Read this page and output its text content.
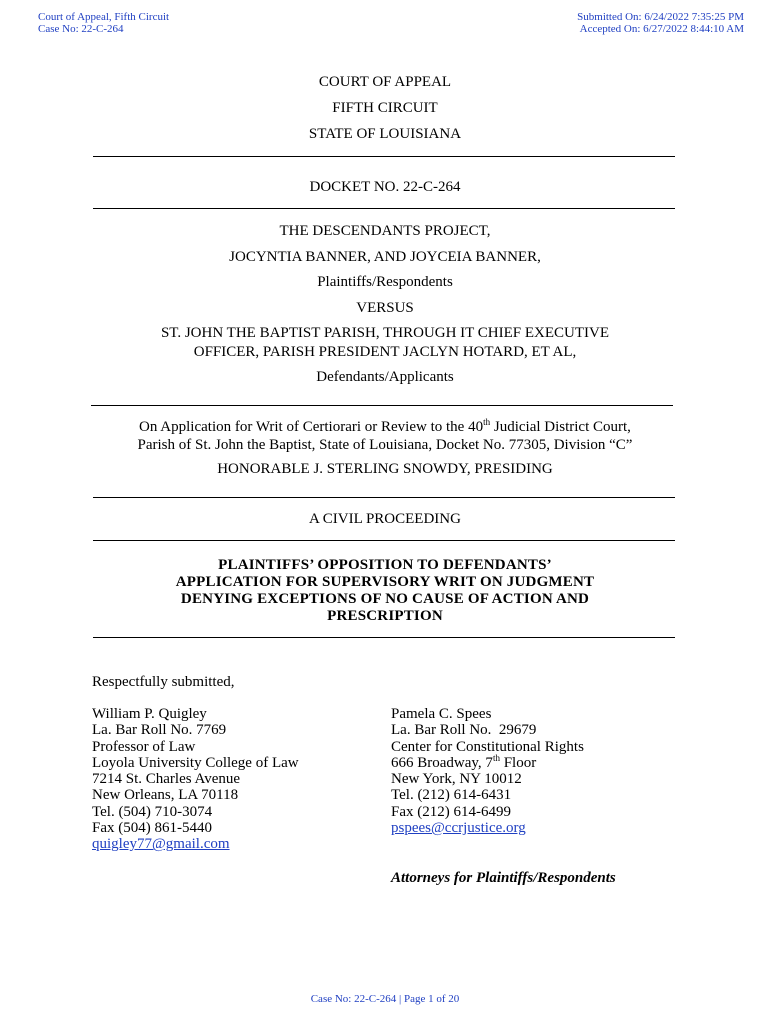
Court of Appeal, Fifth Circuit
Case No: 22-C-264
Submitted On: 6/24/2022 7:35:25 PM
Accepted On: 6/27/2022 8:44:10 AM
COURT OF APPEAL
FIFTH CIRCUIT
STATE OF LOUISIANA
DOCKET NO. 22-C-264
THE DESCENDANTS PROJECT,
JOCYNTIA BANNER, AND JOYCEIA BANNER,
Plaintiffs/Respondents
VERSUS
ST. JOHN THE BAPTIST PARISH, THROUGH IT CHIEF EXECUTIVE
OFFICER, PARISH PRESIDENT JACLYN HOTARD, ET AL,
Defendants/Applicants
On Application for Writ of Certiorari or Review to the 40th Judicial District Court,
Parish of St. John the Baptist, State of Louisiana, Docket No. 77305, Division “C”
HONORABLE J. STERLING SNOWDY, PRESIDING
A CIVIL PROCEEDING
PLAINTIFFS’ OPPOSITION TO DEFENDANTS’
APPLICATION FOR SUPERVISORY WRIT ON JUDGMENT
DENYING EXCEPTIONS OF NO CAUSE OF ACTION AND
PRESCRIPTION
Respectfully submitted,
William P. Quigley
La. Bar Roll No. 7769
Professor of Law
Loyola University College of Law
7214 St. Charles Avenue
New Orleans, LA 70118
Tel. (504) 710-3074
Fax (504) 861-5440
quigley77@gmail.com
Pamela C. Spees
La. Bar Roll No.  29679
Center for Constitutional Rights
666 Broadway, 7th Floor
New York, NY 10012
Tel. (212) 614-6431
Fax (212) 614-6499
pspees@ccrjustice.org
Attorneys for Plaintiffs/Respondents
Case No: 22-C-264 | Page 1 of 20
